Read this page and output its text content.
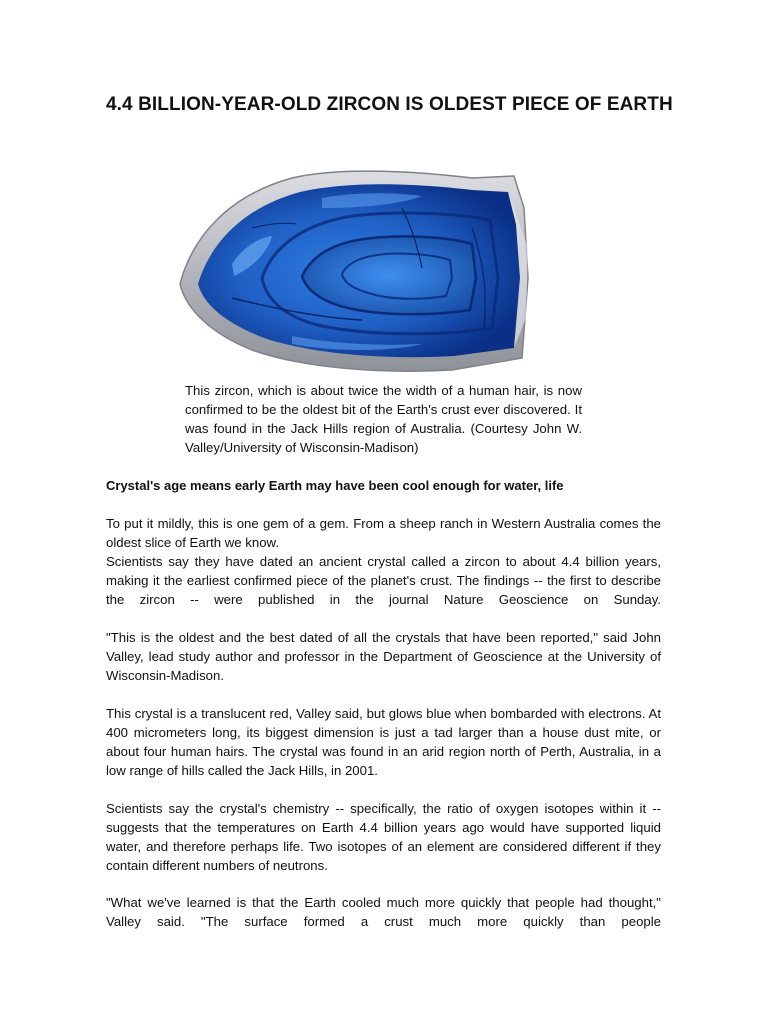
4.4 BILLION-YEAR-OLD ZIRCON IS OLDEST PIECE OF EARTH
This zircon, which is about twice the width of a human hair, is now confirmed to be the oldest bit of the Earth's crust ever discovered. It was found in the Jack Hills region of Australia. (Courtesy John W. Valley/University of Wisconsin-Madison)
Crystal's age means early Earth may have been cool enough for water, life

To put it mildly, this is one gem of a gem. From a sheep ranch in Western Australia comes the oldest slice of Earth we know.

Scientists say they have dated an ancient crystal called a zircon to about 4.4 billion years, making it the earliest confirmed piece of the planet's crust. The findings -- the first to describe the zircon -- were published in the journal Nature Geoscience on Sunday.

"This is the oldest and the best dated of all the crystals that have been reported," said John Valley, lead study author and professor in the Department of Geoscience at the University of Wisconsin-Madison.

This crystal is a translucent red, Valley said, but glows blue when bombarded with electrons. At 400 micrometers long, its biggest dimension is just a tad larger than a house dust mite, or about four human hairs. The crystal was found in an arid region north of Perth, Australia, in a low range of hills called the Jack Hills, in 2001.

Scientists say the crystal's chemistry -- specifically, the ratio of oxygen isotopes within it -- suggests that the temperatures on Earth 4.4 billion years ago would have supported liquid water, and therefore perhaps life. Two isotopes of an element are considered different if they contain different numbers of neutrons.

"What we've learned is that the Earth cooled much more quickly that people had thought," Valley said. "The surface formed a crust much more quickly than people
